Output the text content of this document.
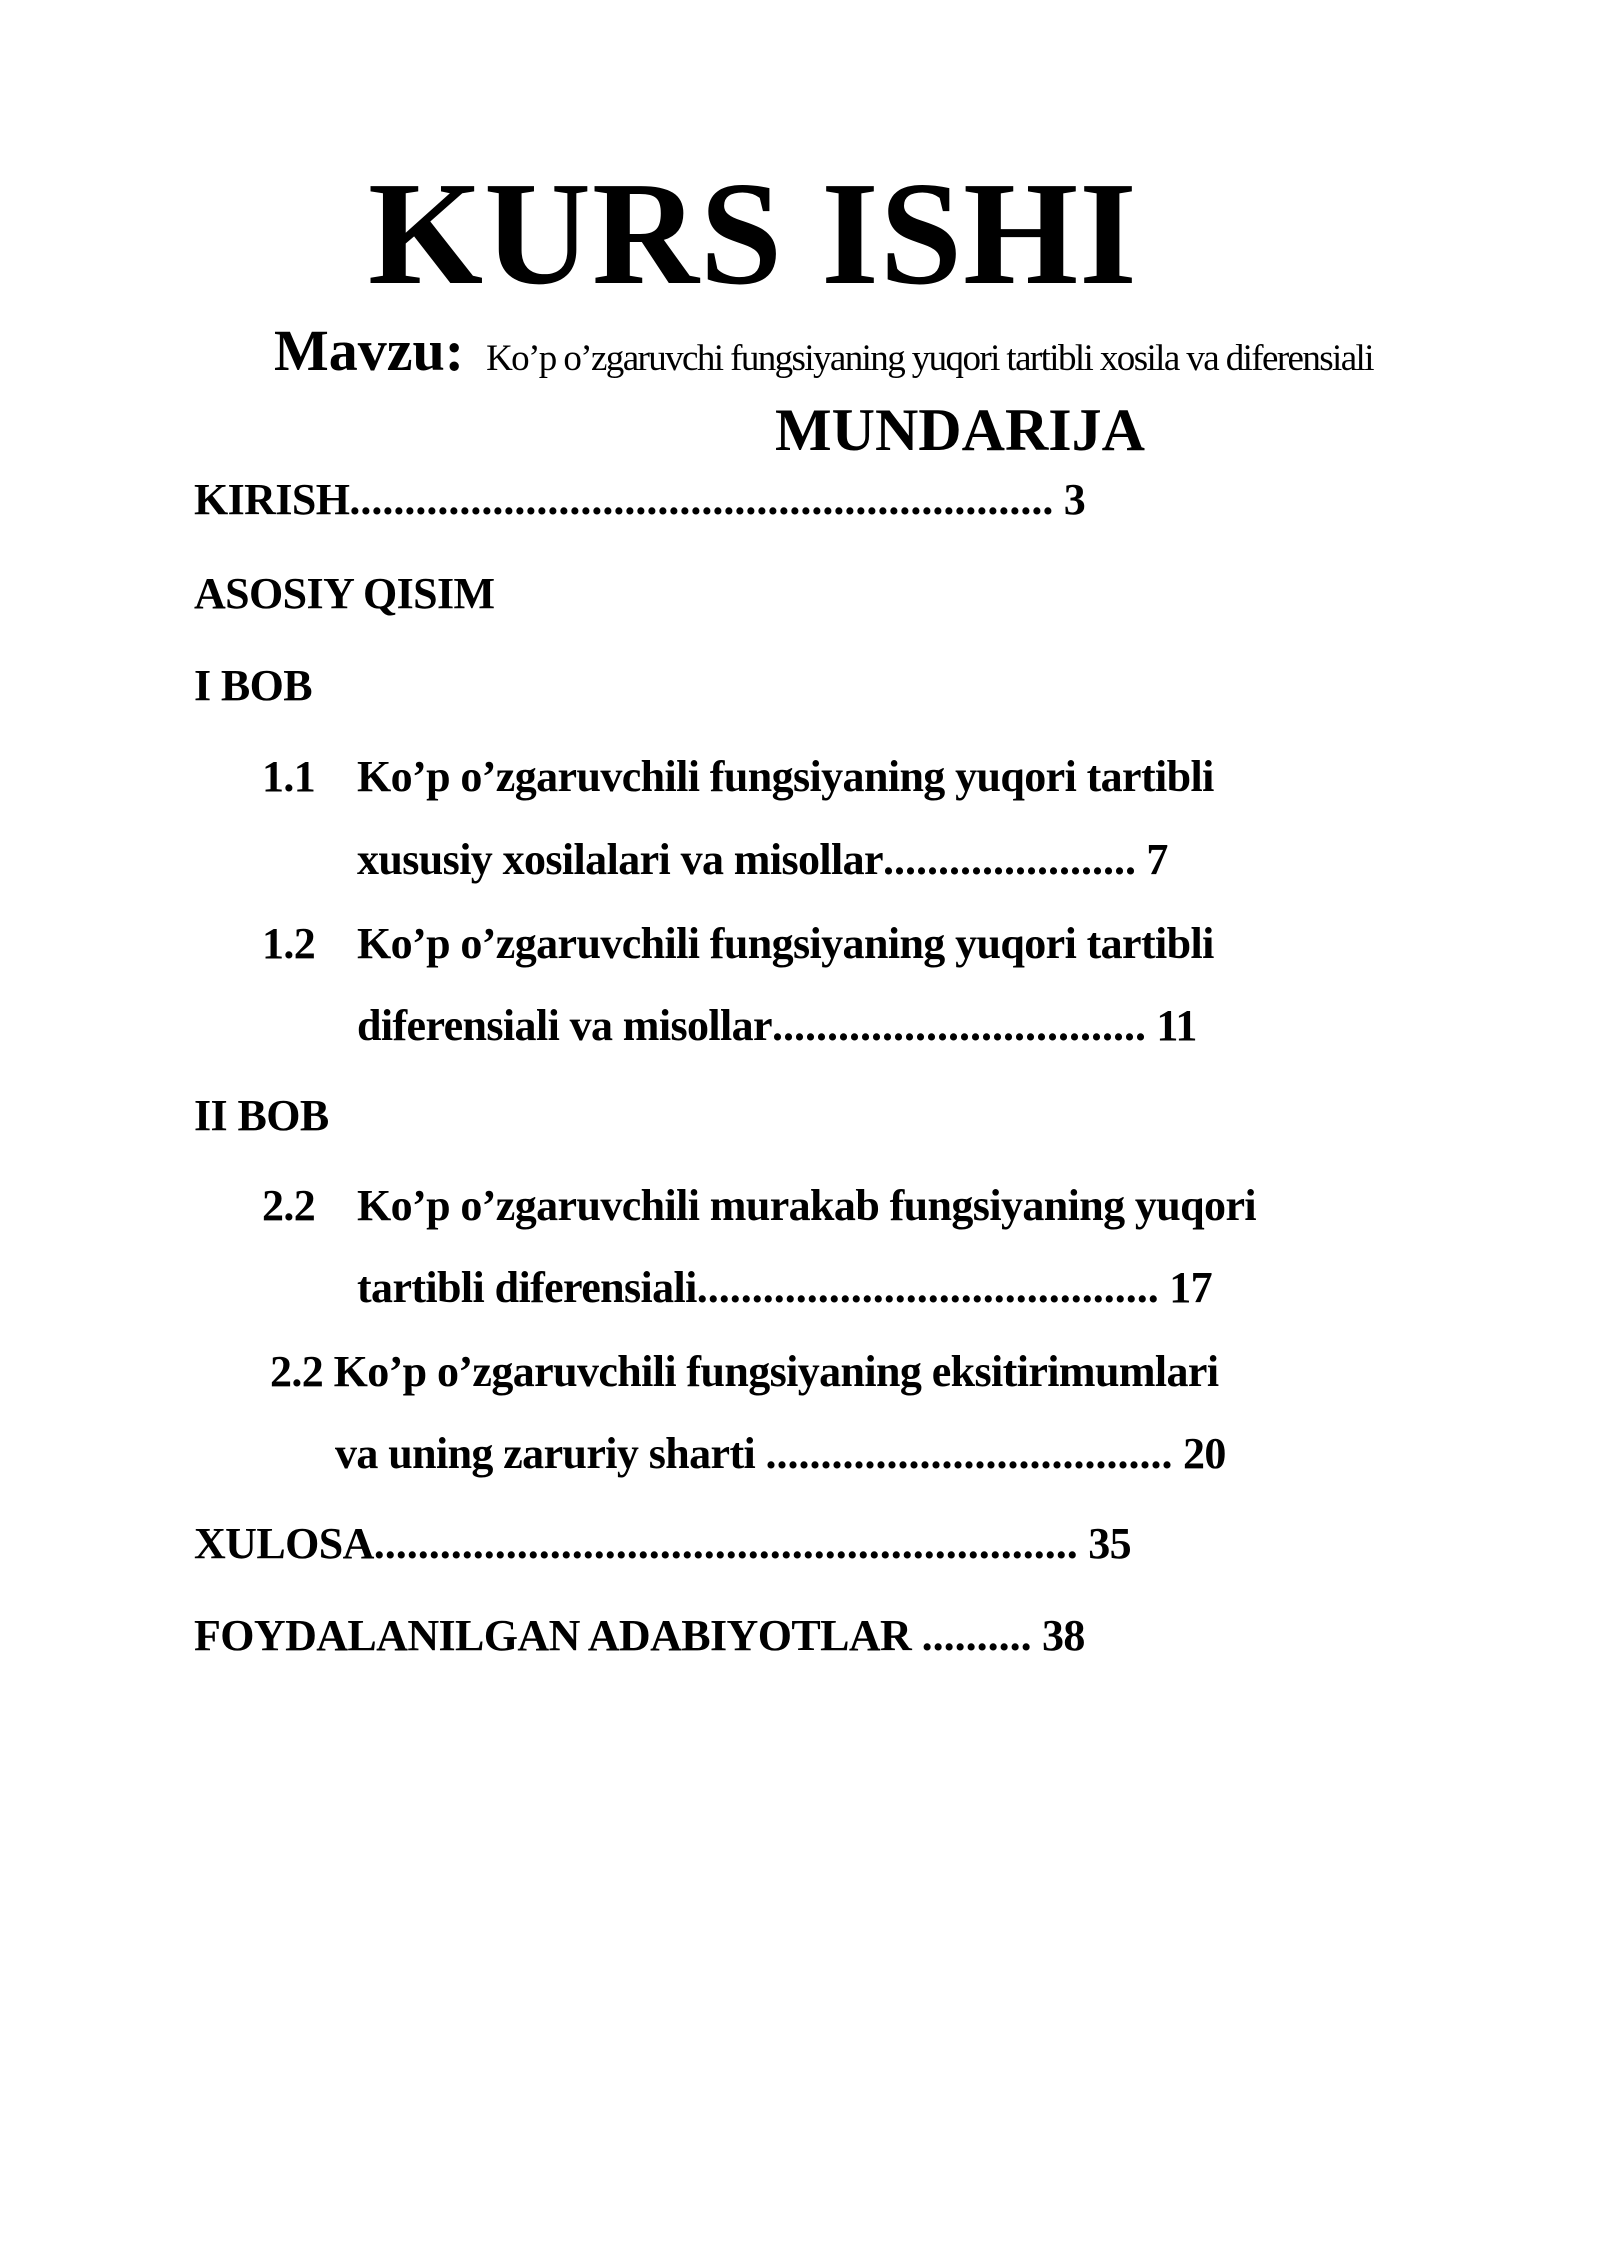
KURS ISHI
Mavzu: Ko’p o’zgaruvchi fungsiyaning yuqori tartibli xosila va diferensiali
MUNDARIJA
KIRISH................................................................ 3
ASOSIY QISIM
I BOB
1.1 Ko’p o’zgaruvchili fungsiyaning yuqori tartibli
xususiy xosilalari va misollar....................... 7
1.2 Ko’p o’zgaruvchili fungsiyaning yuqori tartibli
diferensiali va misollar.................................. 11
II BOB
2.2 Ko’p o’zgaruvchili murakab fungsiyaning yuqori
tartibli diferensiali.......................................... 17
2.2 Ko’p o’zgaruvchili fungsiyaning eksitirimumlari
va uning zaruriy sharti ..................................... 20
XULOSA................................................................ 35
FOYDALANILGAN ADABIYOTLAR .......... 38
